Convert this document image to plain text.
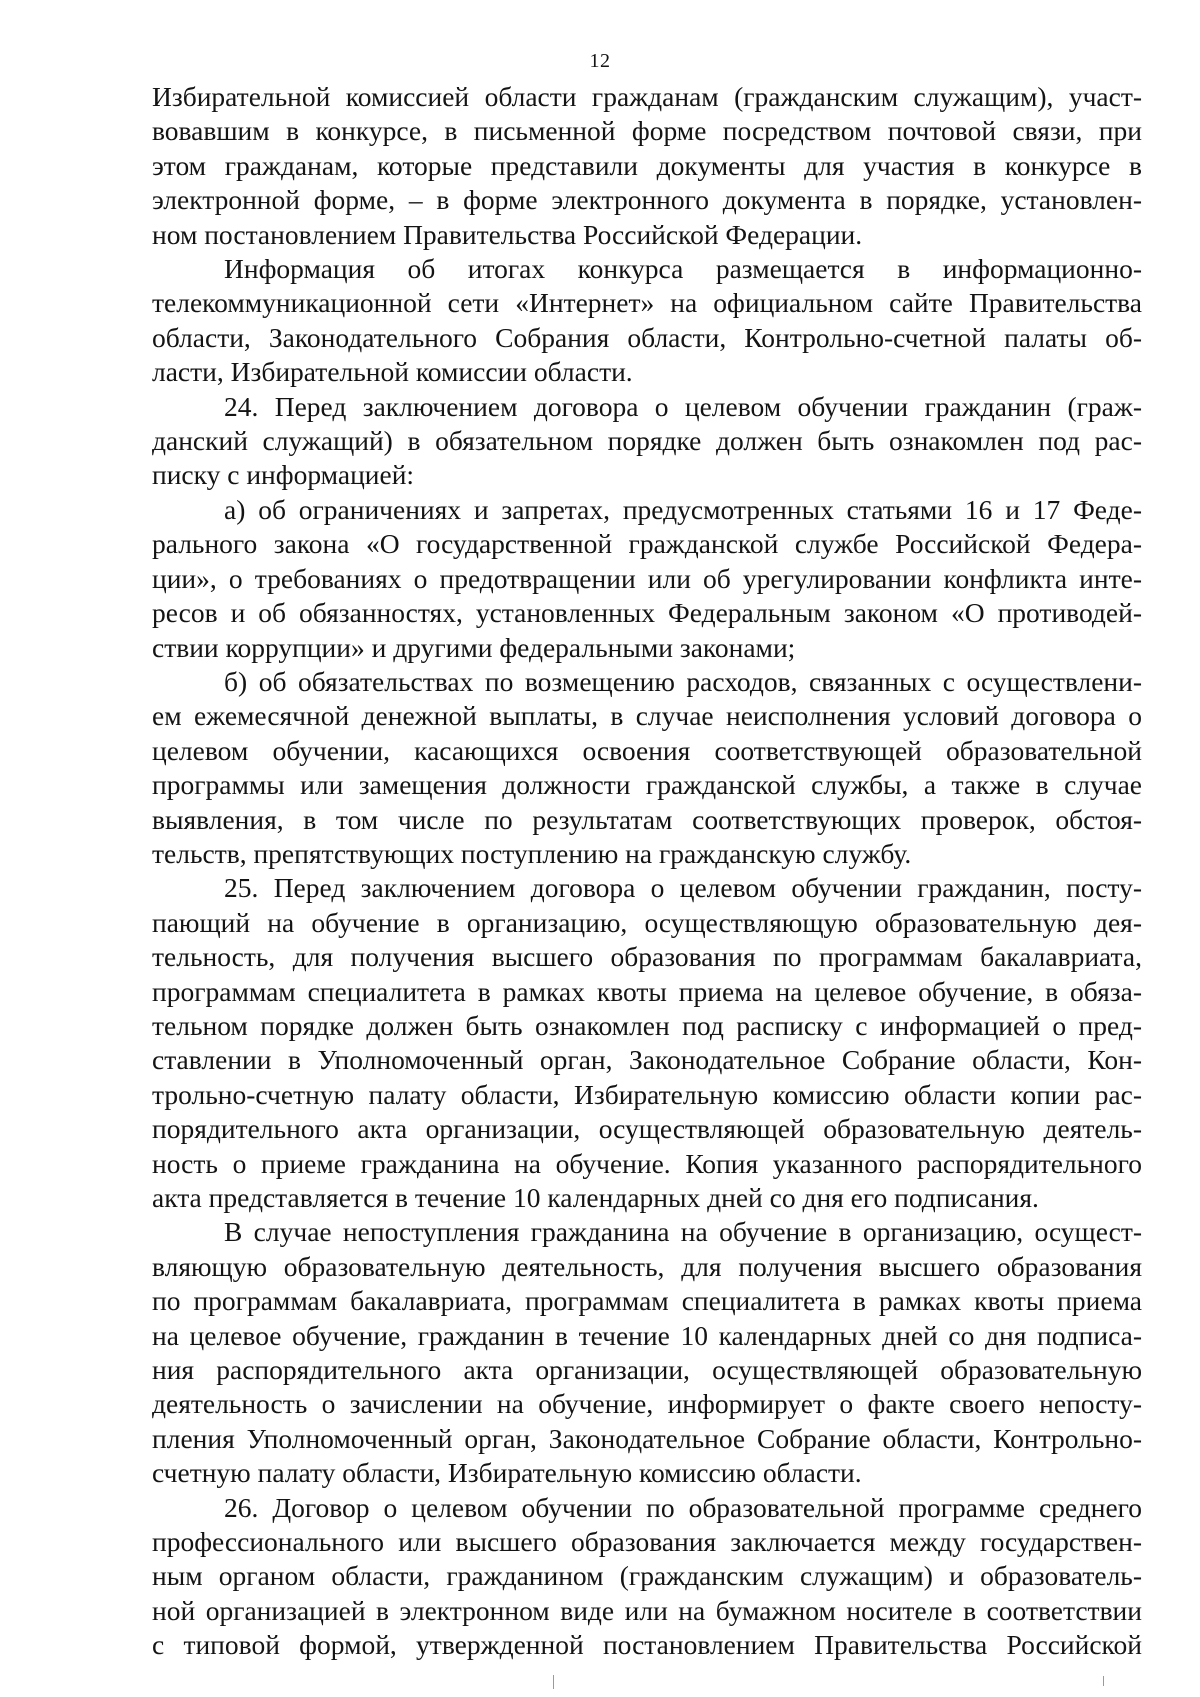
12

Избирательной комиссией области гражданам (гражданским служащим), участ-
вовавшим в конкурсе, в письменной форме посредством почтовой связи, при
этом гражданам, которые представили документы для участия в конкурсе в
электронной форме, – в форме электронного документа в порядке, установлен-
ном постановлением Правительства Российской Федерации.

Информация об итогах конкурса размещается в информационно-
телекоммуникационной сети «Интернет» на официальном сайте Правительства
области, Законодательного Собрания области, Контрольно-счетной палаты об-
ласти, Избирательной комиссии области.

24. Перед заключением договора о целевом обучении гражданин (граж-
данский служащий) в обязательном порядке должен быть ознакомлен под рас-
писку с информацией:

а) об ограничениях и запретах, предусмотренных статьями 16 и 17 Феде-
рального закона «О государственной гражданской службе Российской Федера-
ции», о требованиях о предотвращении или об урегулировании конфликта инте-
ресов и об обязанностях, установленных Федеральным законом «О противодей-
ствии коррупции» и другими федеральными законами;

б) об обязательствах по возмещению расходов, связанных с осуществлени-
ем ежемесячной денежной выплаты, в случае неисполнения условий договора о
целевом обучении, касающихся освоения соответствующей образовательной
программы или замещения должности гражданской службы, а также в случае
выявления, в том числе по результатам соответствующих проверок, обстоя-
тельств, препятствующих поступлению на гражданскую службу.

25. Перед заключением договора о целевом обучении гражданин, посту-
пающий на обучение в организацию, осуществляющую образовательную дея-
тельность, для получения высшего образования по программам бакалавриата,
программам специалитета в рамках квоты приема на целевое обучение, в обяза-
тельном порядке должен быть ознакомлен под расписку с информацией о пред-
ставлении в Уполномоченный орган, Законодательное Собрание области, Кон-
трольно-счетную палату области, Избирательную комиссию области копии рас-
порядительного акта организации, осуществляющей образовательную деятель-
ность о приеме гражданина на обучение. Копия указанного распорядительного
акта представляется в течение 10 календарных дней со дня его подписания.

В случае непоступления гражданина на обучение в организацию, осущест-
вляющую образовательную деятельность, для получения высшего образования
по программам бакалавриата, программам специалитета в рамках квоты приема
на целевое обучение, гражданин в течение 10 календарных дней со дня подписа-
ния распорядительного акта организации, осуществляющей образовательную
деятельность о зачислении на обучение, информирует о факте своего непосту-
пления Уполномоченный орган, Законодательное Собрание области, Контрольно-
счетную палату области, Избирательную комиссию области.

26. Договор о целевом обучении по образовательной программе среднего
профессионального или высшего образования заключается между государствен-
ным органом области, гражданином (гражданским служащим) и образователь-
ной организацией в электронном виде или на бумажном носителе в соответствии
с типовой формой, утвержденной постановлением Правительства Российской
